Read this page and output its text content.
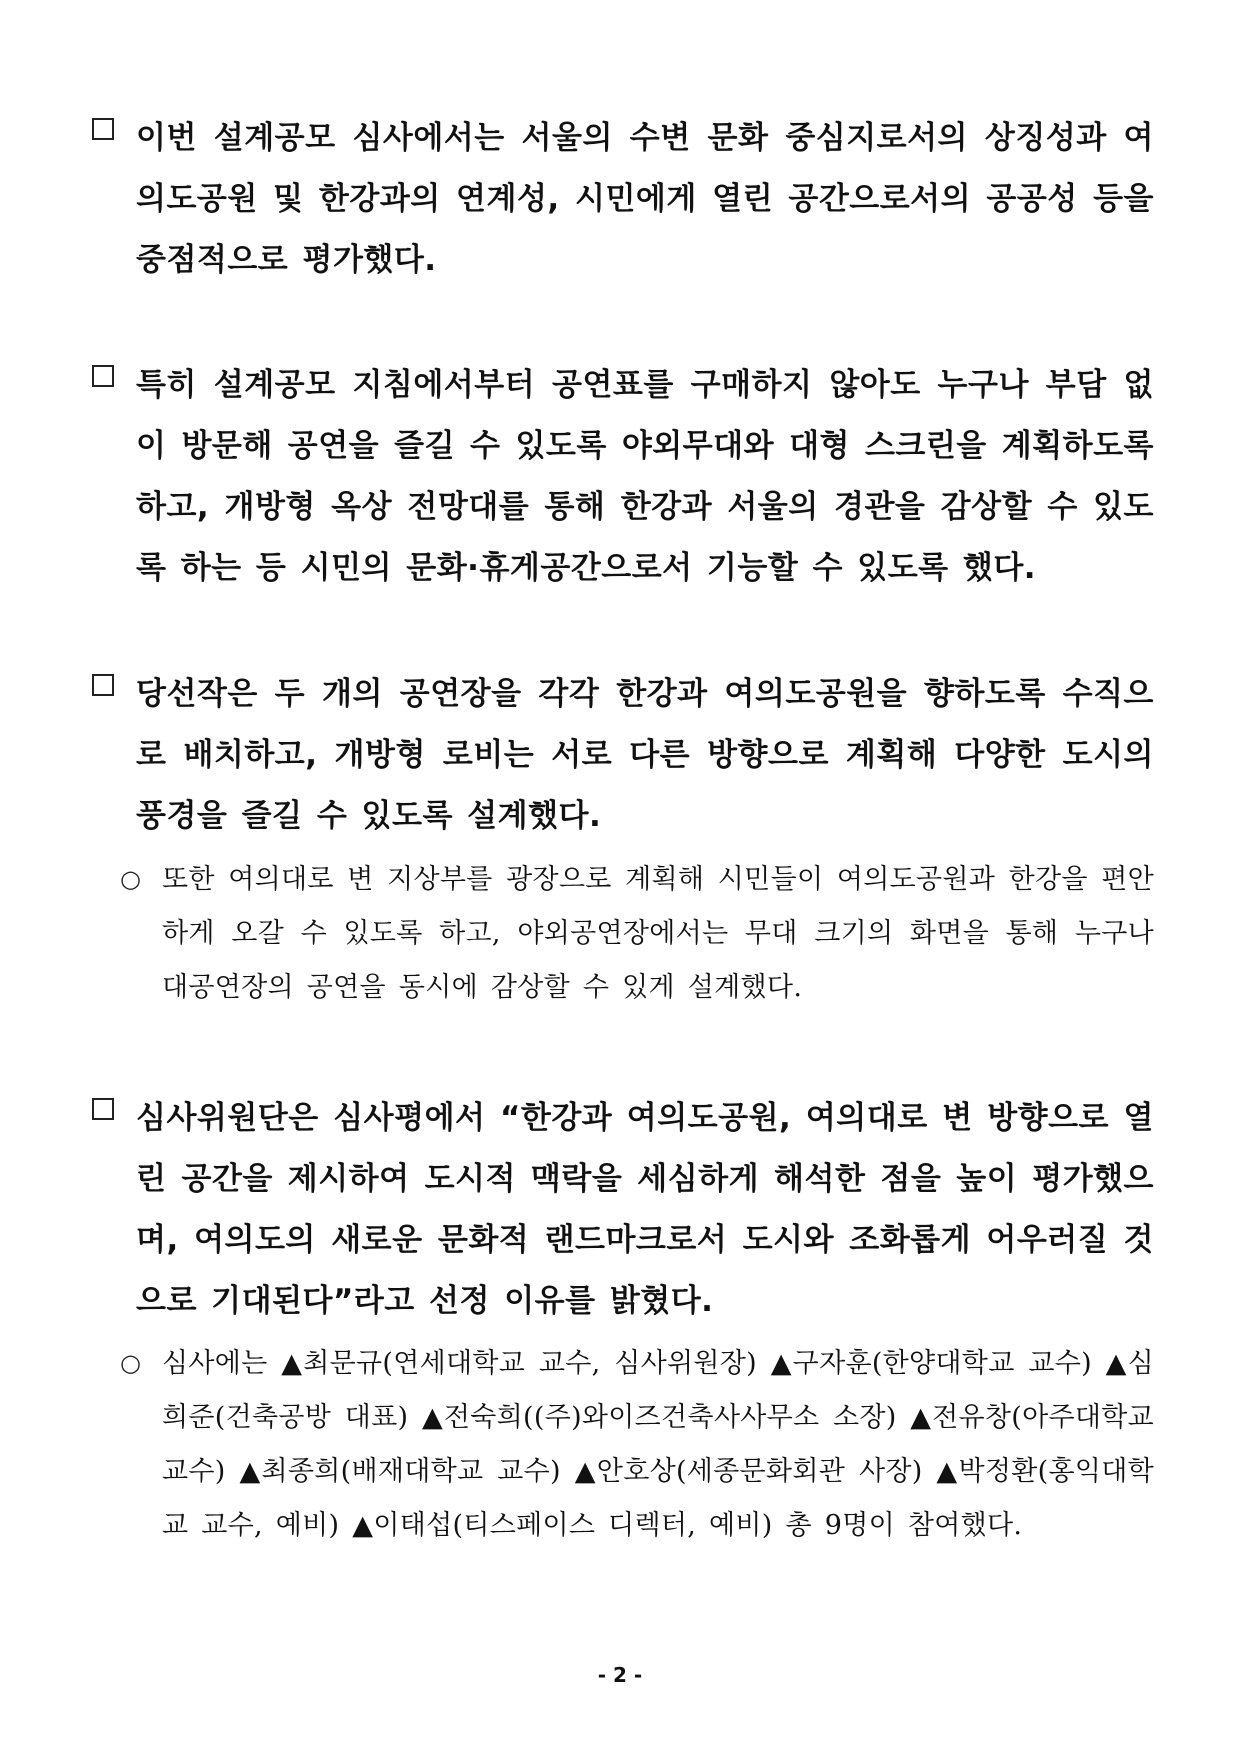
이번 설계공모 심사에서는 서울의 수변 문화 중심지로서의 상징성과 여의도공원 및 한강과의 연계성, 시민에게 열린 공간으로서의 공공성 등을 중점적으로 평가했다.
특히 설계공모 지침에서부터 공연표를 구매하지 않아도 누구나 부담 없이 방문해 공연을 즐길 수 있도록 야외무대와 대형 스크린을 계획하도록 하고, 개방형 옥상 전망대를 통해 한강과 서울의 경관을 감상할 수 있도록 하는 등 시민의 문화·휴게공간으로서 기능할 수 있도록 했다.
당선작은 두 개의 공연장을 각각 한강과 여의도공원을 향하도록 수직으로 배치하고, 개방형 로비는 서로 다른 방향으로 계획해 다양한 도시의 풍경을 즐길 수 있도록 설계했다.
○ 또한 여의대로 변 지상부를 광장으로 계획해 시민들이 여의도공원과 한강을 편안하게 오갈 수 있도록 하고, 야외공연장에서는 무대 크기의 화면을 통해 누구나 대공연장의 공연을 동시에 감상할 수 있게 설계했다.
심사위원단은 심사평에서 “한강과 여의도공원, 여의대로 변 방향으로 열린 공간을 제시하여 도시적 맥락을 세심하게 해석한 점을 높이 평가했으며, 여의도의 새로운 문화적 랜드마크로서 도시와 조화롭게 어우러질 것으로 기대된다”라고 선정 이유를 밝혔다.
○ 심사에는 ▲최문규(연세대학교 교수, 심사위원장) ▲구자훈(한양대학교 교수) ▲심희준(건축공방 대표) ▲전숙희((주)와이즈건축사사무소 소장) ▲전유창(아주대학교 교수) ▲최종희(배재대학교 교수) ▲안호상(세종문화회관 사장) ▲박정환(홍익대학교 교수, 예비) ▲이태섭(티스페이스 디렉터, 예비) 총 9명이 참여했다.
- 2 -
